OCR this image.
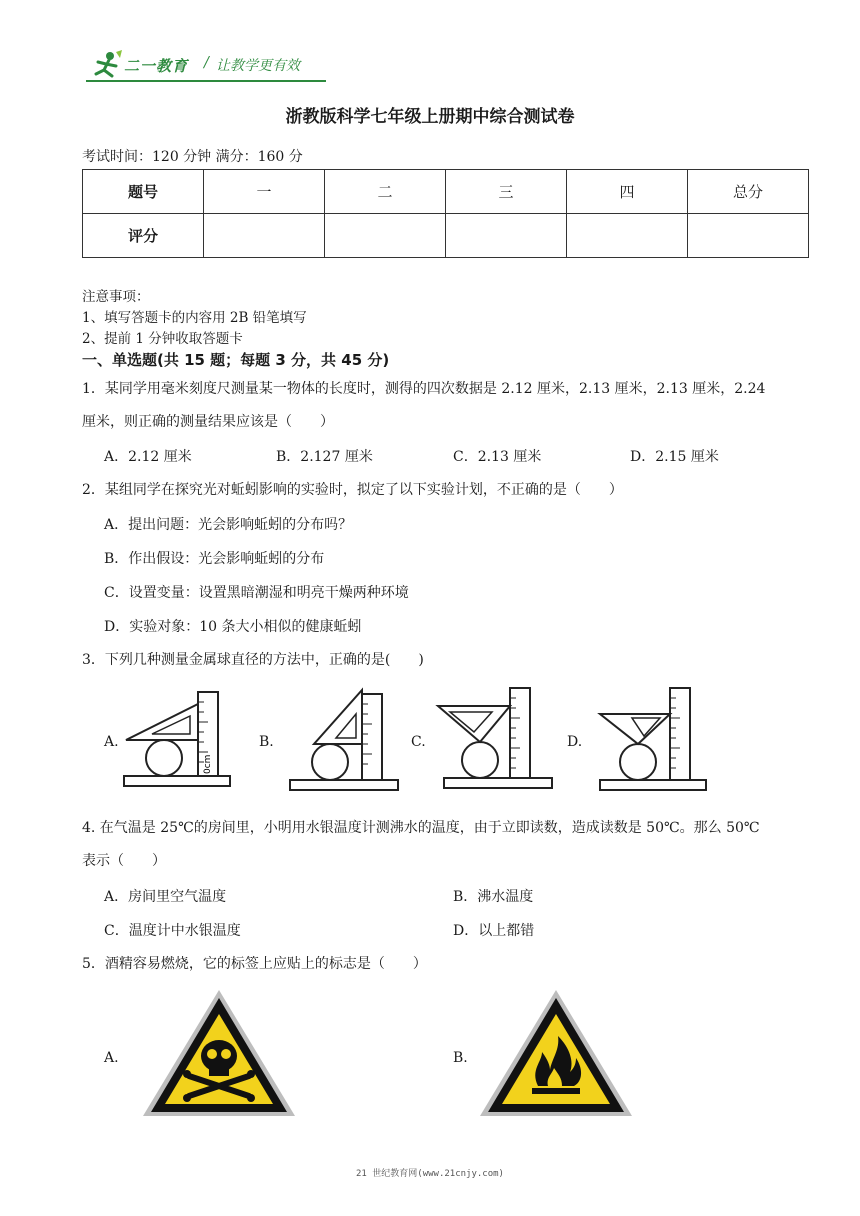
二一教育 / 让教学更有效
浙教版科学七年级上册期中综合测试卷
考试时间：120 分钟 满分：160 分
题号	一	二	三	四	总分
评分					
注意事项：
1、填写答题卡的内容用 2B 铅笔填写
2、提前 1 分钟收取答题卡
一、单选题(共 15 题；每题 3 分，共 45 分)
1．某同学用毫米刻度尺测量某一物体的长度时，测得的四次数据是 2.12 厘米，2.13 厘米，2.13 厘米，2.24
厘米，则正确的测量结果应该是（　　）
A．2.12 厘米	B．2.127 厘米	C．2.13 厘米	D．2.15 厘米
2．某组同学在探究光对蚯蚓影响的实验时，拟定了以下实验计划，不正确的是（　　）
A．提出问题：光会影响蚯蚓的分布吗？
B．作出假设：光会影响蚯蚓的分布
C．设置变量：设置黑暗潮湿和明亮干燥两种环境
D．实验对象：10 条大小相似的健康蚯蚓
3．下列几种测量金属球直径的方法中，正确的是(　　)
A.	B.	C.	D.
0cm
4. 在气温是 25℃的房间里，小明用水银温度计测沸水的温度，由于立即读数，造成读数是 50℃。那么 50℃
表示（　　）
A．房间里空气温度	B．沸水温度
C．温度计中水银温度	D．以上都错
5．酒精容易燃烧，它的标签上应贴上的标志是（　　）
A.	B.
21 世纪教育网(www.21cnjy.com)
